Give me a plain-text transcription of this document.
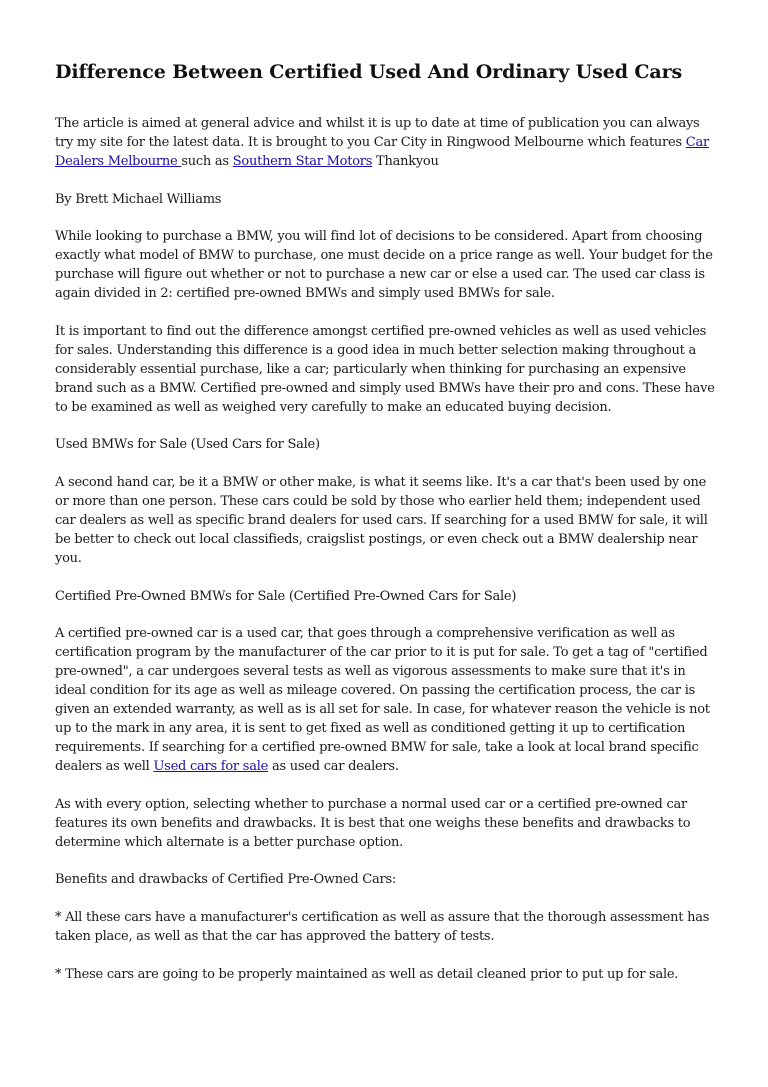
Difference Between Certified Used And Ordinary Used Cars

The article is aimed at general advice and whilst it is up to date at time of publication you can always try my site for the latest data. It is brought to you Car City in Ringwood Melbourne which features Car Dealers Melbourne such as Southern Star Motors Thankyou

By Brett Michael Williams

While looking to purchase a BMW, you will find lot of decisions to be considered. Apart from choosing exactly what model of BMW to purchase, one must decide on a price range as well. Your budget for the purchase will figure out whether or not to purchase a new car or else a used car. The used car class is again divided in 2: certified pre-owned BMWs and simply used BMWs for sale.

It is important to find out the difference amongst certified pre-owned vehicles as well as used vehicles for sales. Understanding this difference is a good idea in much better selection making throughout a considerably essential purchase, like a car; particularly when thinking for purchasing an expensive brand such as a BMW. Certified pre-owned and simply used BMWs have their pro and cons. These have to be examined as well as weighed very carefully to make an educated buying decision.

Used BMWs for Sale (Used Cars for Sale)

A second hand car, be it a BMW or other make, is what it seems like. It's a car that's been used by one or more than one person. These cars could be sold by those who earlier held them; independent used car dealers as well as specific brand dealers for used cars. If searching for a used BMW for sale, it will be better to check out local classifieds, craigslist postings, or even check out a BMW dealership near you.

Certified Pre-Owned BMWs for Sale (Certified Pre-Owned Cars for Sale)

A certified pre-owned car is a used car, that goes through a comprehensive verification as well as certification program by the manufacturer of the car prior to it is put for sale. To get a tag of "certified pre-owned", a car undergoes several tests as well as vigorous assessments to make sure that it's in ideal condition for its age as well as mileage covered. On passing the certification process, the car is given an extended warranty, as well as is all set for sale. In case, for whatever reason the vehicle is not up to the mark in any area, it is sent to get fixed as well as conditioned getting it up to certification requirements. If searching for a certified pre-owned BMW for sale, take a look at local brand specific dealers as well Used cars for sale as used car dealers.

As with every option, selecting whether to purchase a normal used car or a certified pre-owned car features its own benefits and drawbacks. It is best that one weighs these benefits and drawbacks to determine which alternate is a better purchase option.

Benefits and drawbacks of Certified Pre-Owned Cars:

* All these cars have a manufacturer's certification as well as assure that the thorough assessment has taken place, as well as that the car has approved the battery of tests.

* These cars are going to be properly maintained as well as detail cleaned prior to put up for sale.
